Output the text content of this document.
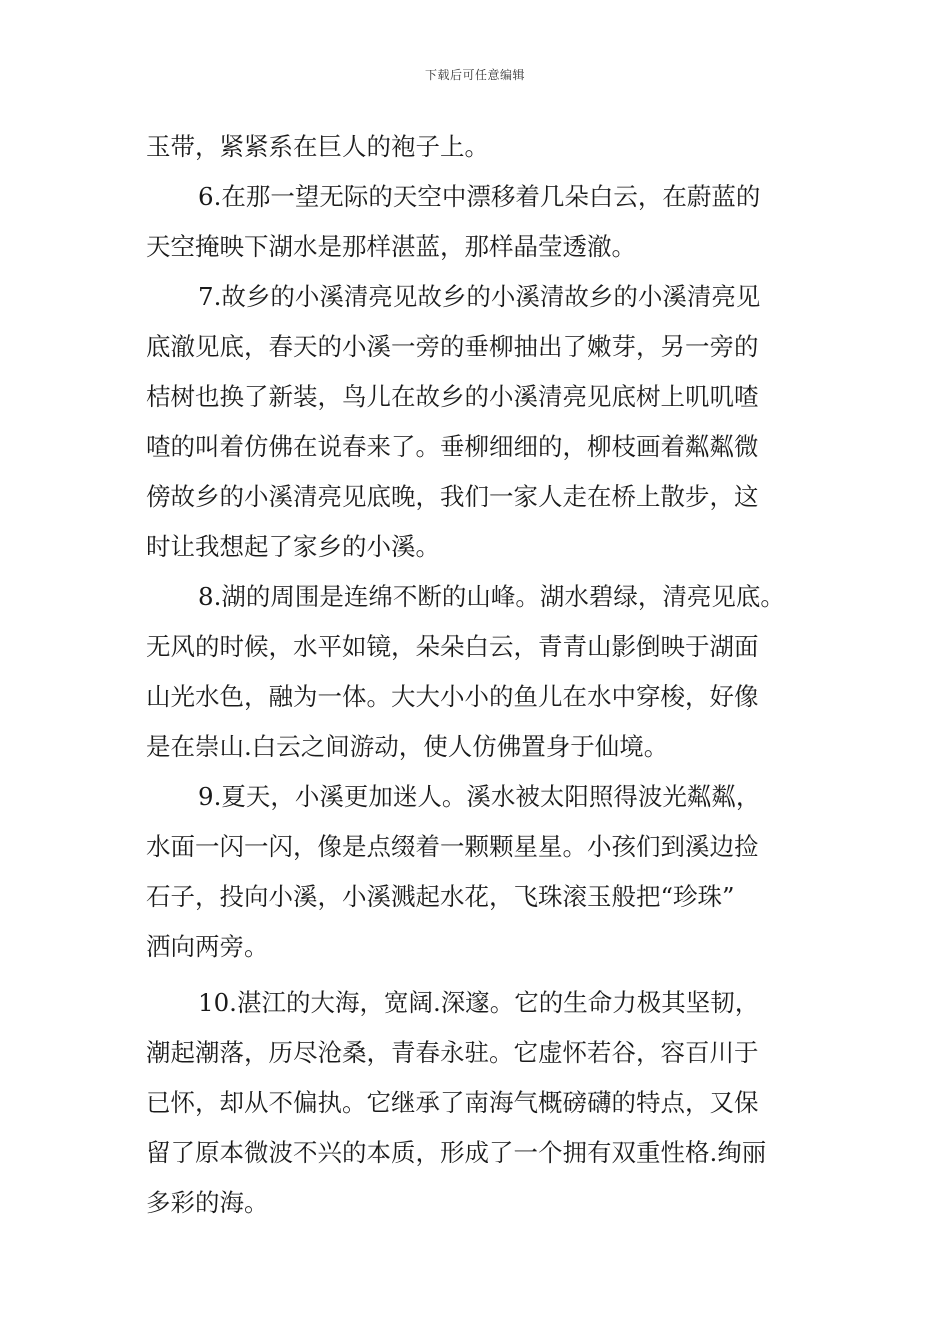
下载后可任意编辑
玉带，紧紧系在巨人的袍子上。
6.在那一望无际的天空中漂移着几朵白云，在蔚蓝的
天空掩映下湖水是那样湛蓝，那样晶莹透澈。
7.故乡的小溪清亮见故乡的小溪清故乡的小溪清亮见
底澈见底，春天的小溪一旁的垂柳抽出了嫩芽，另一旁的
桔树也换了新装，鸟儿在故乡的小溪清亮见底树上叽叽喳
喳的叫着仿佛在说春来了。垂柳细细的，柳枝画着粼粼微
傍故乡的小溪清亮见底晚，我们一家人走在桥上散步，这
时让我想起了家乡的小溪。
8.湖的周围是连绵不断的山峰。湖水碧绿，清亮见底。
无风的时候，水平如镜，朵朵白云，青青山影倒映于湖面
山光水色，融为一体。大大小小的鱼儿在水中穿梭，好像
是在崇山.白云之间游动，使人仿佛置身于仙境。
9.夏天，小溪更加迷人。溪水被太阳照得波光粼粼，
水面一闪一闪，像是点缀着一颗颗星星。小孩们到溪边捡
石子，投向小溪，小溪溅起水花，飞珠滚玉般把“珍珠”
洒向两旁。
10.湛江的大海，宽阔.深邃。它的生命力极其坚韧，
潮起潮落，历尽沧桑，青春永驻。它虚怀若谷，容百川于
已怀，却从不偏执。它继承了南海气概磅礴的特点，又保
留了原本微波不兴的本质，形成了一个拥有双重性格.绚丽
多彩的海。
